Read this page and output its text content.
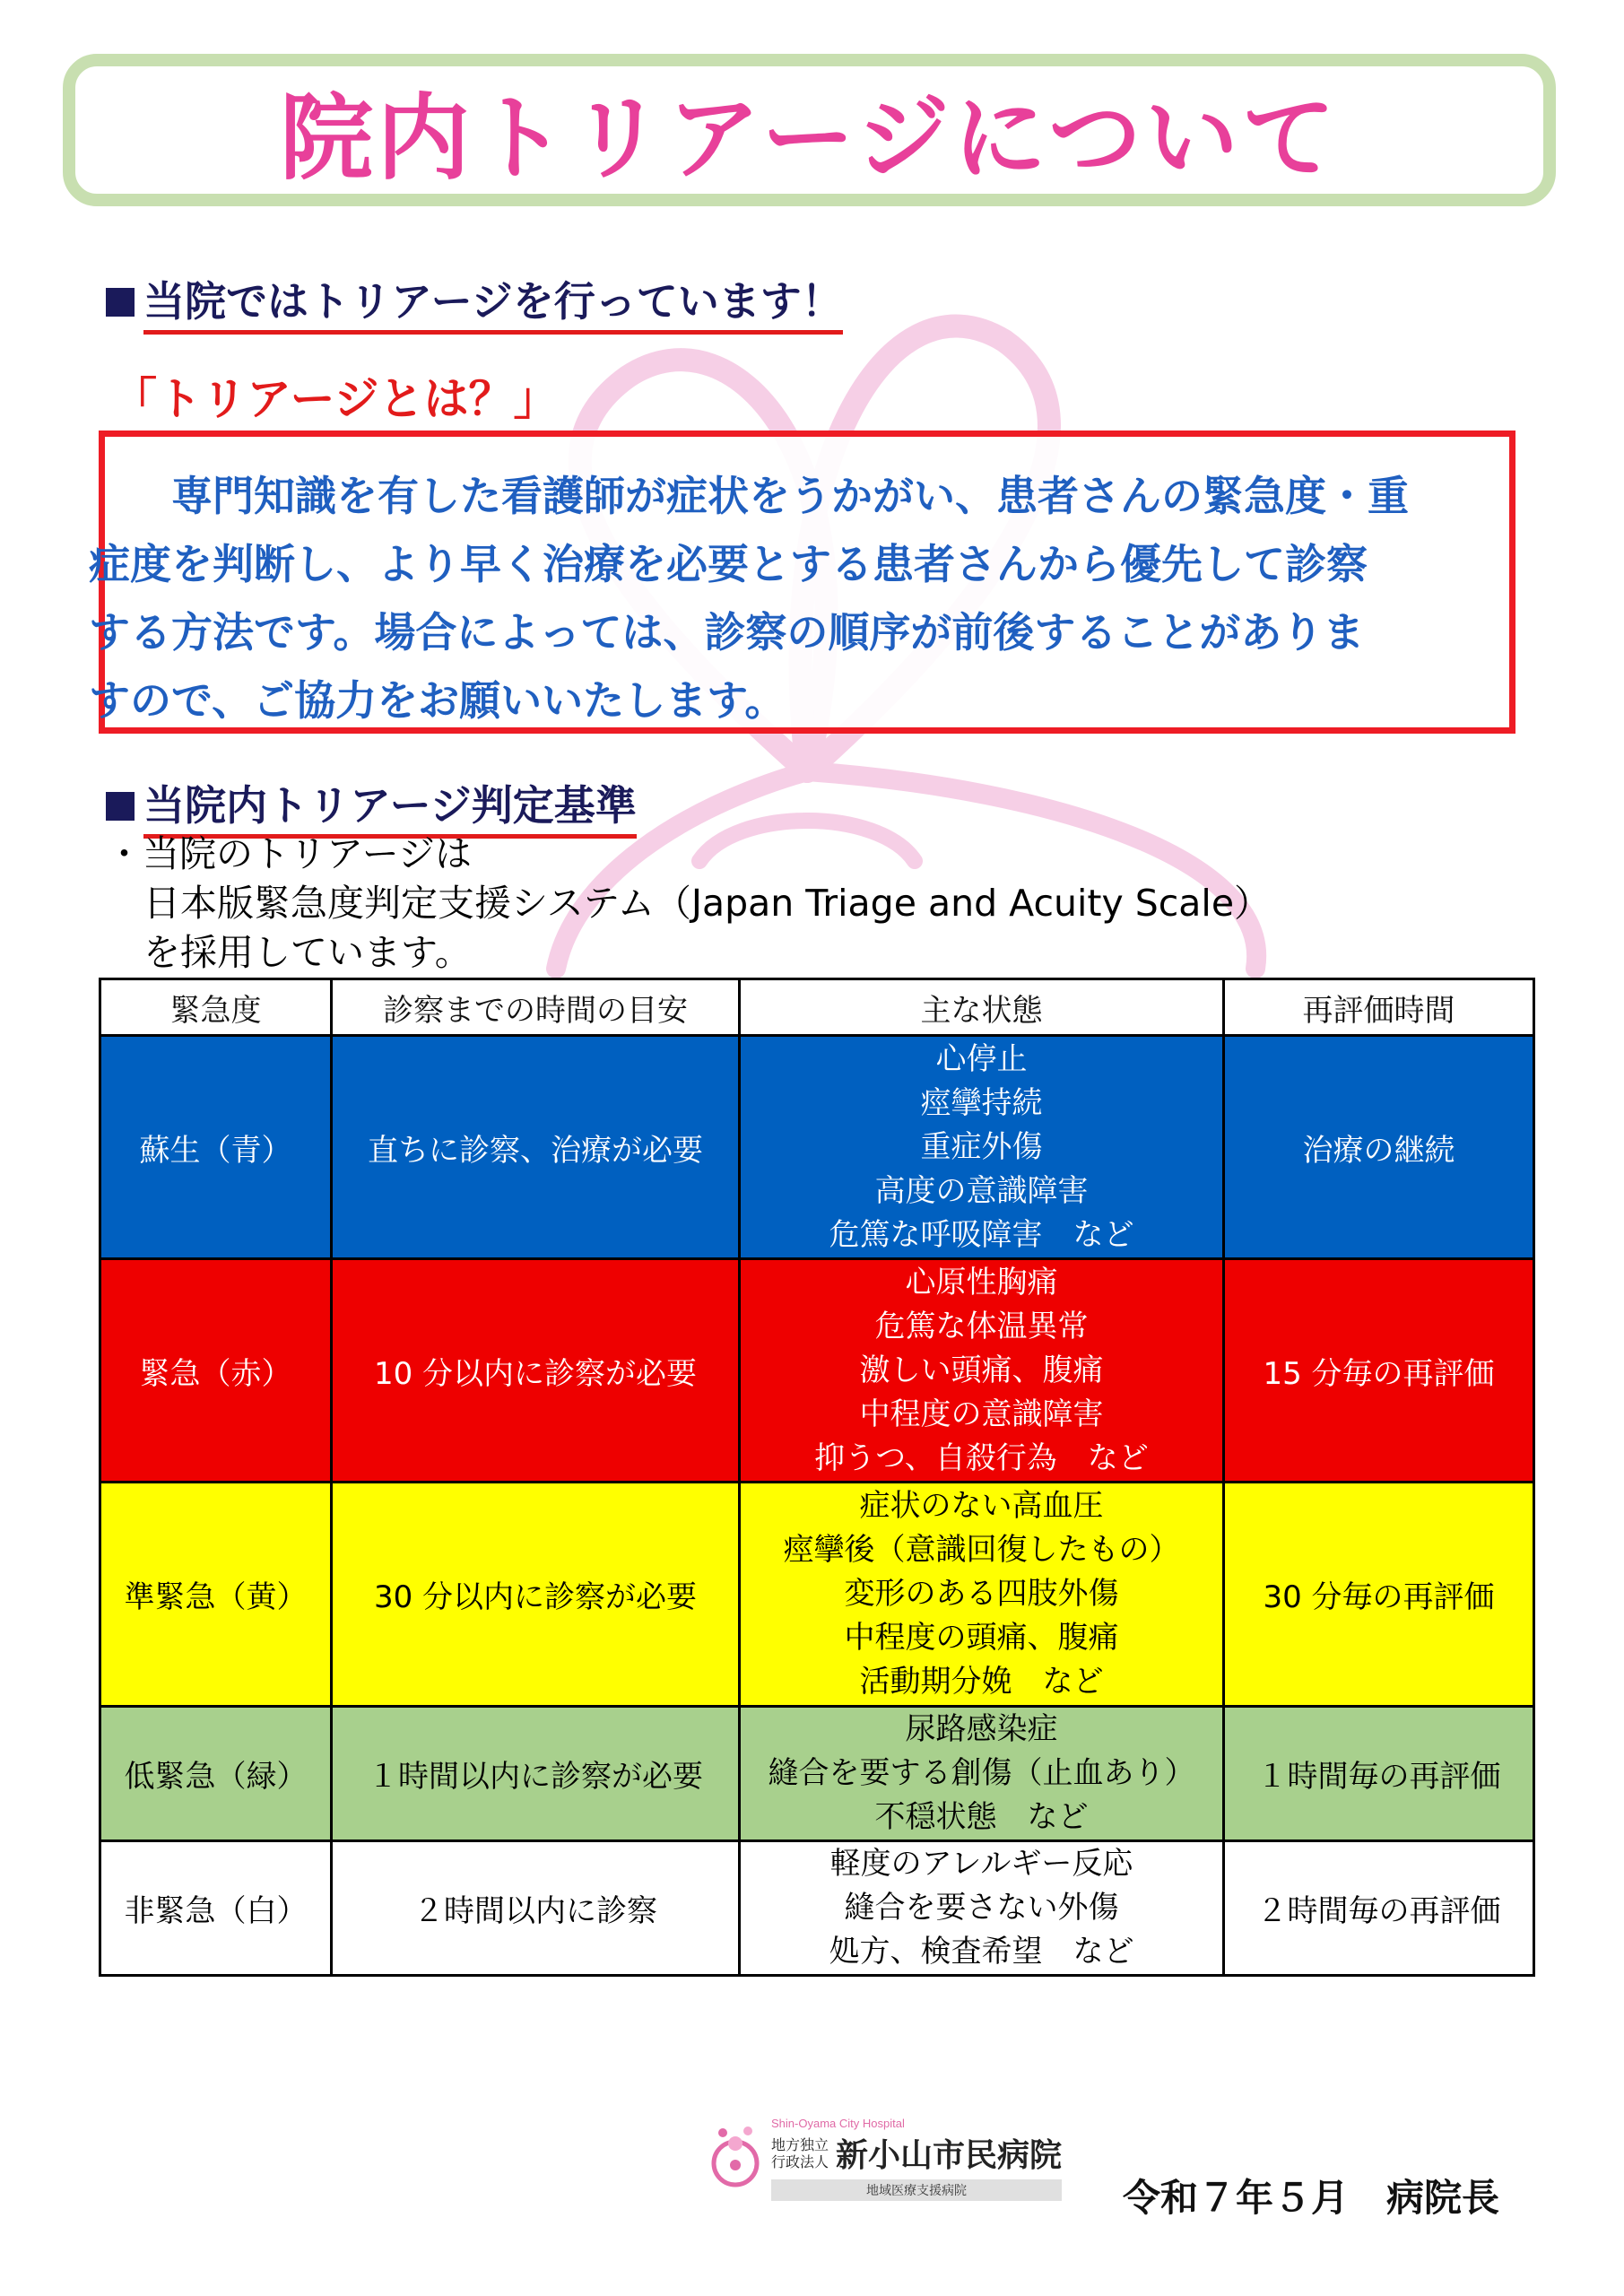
院内トリアージについて
当院ではトリアージを行っています！
「トリアージとは？」

専門知識を有した看護師が症状をうかがい、患者さんの緊急度・重
症度を判断し、より早く治療を必要とする患者さんから優先して診察
する方法です。場合によっては、診察の順序が前後することがありま
すので、ご協力をお願いいたします。

当院内トリアージ判定基準
・当院のトリアージは
日本版緊急度判定支援システム（Japan Triage and Acuity Scale）
を採用しています。
緊急度	診察までの時間の目安	主な状態	再評価時間
蘇生（青）	直ちに診察、治療が必要	心停止
痙攣持続
重症外傷
高度の意識障害
危篤な呼吸障害　など	治療の継続
緊急（赤）	10 分以内に診察が必要	心原性胸痛
危篤な体温異常
激しい頭痛、腹痛
中程度の意識障害
抑うつ、自殺行為　など	15 分毎の再評価
準緊急（黄）	30 分以内に診察が必要	症状のない高血圧
痙攣後（意識回復したもの）
変形のある四肢外傷
中程度の頭痛、腹痛
活動期分娩　など	30 分毎の再評価
低緊急（緑）	１時間以内に診察が必要	尿路感染症
縫合を要する創傷（止血あり）
不穏状態　など	１時間毎の再評価
非緊急（白）	２時間以内に診察	軽度のアレルギー反応
縫合を要さない外傷
処方、検査希望　など	２時間毎の再評価
Shin-Oyama City Hospital
地方独立
行政法人 新小山市民病院
地域医療支援病院	令和７年５月　病院長
